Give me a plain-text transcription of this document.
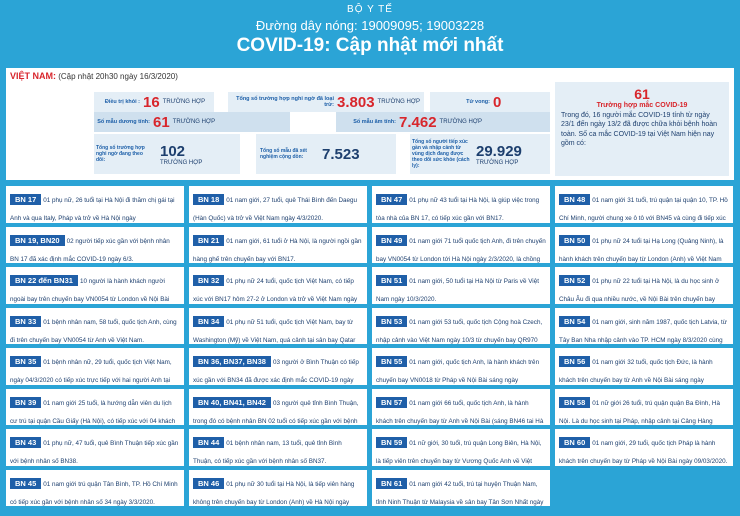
BỘ Y TẾ
Đường dây nóng: 19009095; 19003228
COVID-19: Cập nhật mới nhất
VIỆT NAM: (Cập nhật 20h30 ngày 16/3/2020)
Điều trị khỏi : 16 TRƯỜNG HỢP
Tổng số trường hợp nghi ngờ đã loại trừ: 3.803 TRƯỜNG HỢP	Tử vong: 0
Số mẫu dương tính: 61 TRƯỜNG HỢP	Số mẫu âm tính: 7.462 TRƯỜNG HỢP
Tổng số trường hợp nghi ngờ đang theo dõi:
102
TRƯỜNG HỢP
Tổng số mẫu đã xét nghiệm cộng dồn:	7.523
Tổng số người tiếp xúc gần và nhập cảnh từ vùng dịch đang được theo dõi sức khỏe (cách ly):
29.929
TRƯỜNG HỢP
61
Trường hợp mắc COVID-19
Trong đó, 16 người mắc COVID-19 tính từ ngày 23/1 đến ngày 13/2 đã được chữa khỏi bệnh hoàn toàn. Số ca mắc COVID-19 tại Việt Nam hiện nay gồm có:
BN 17 01 phụ nữ, 26 tuổi tại Hà Nội đi thăm chị gái tại Anh và qua Italy, Pháp và trở về Hà Nội ngày
BN 19, BN20 02 người tiếp xúc gần với bệnh nhân BN 17 đã xác định mắc COVID-19 ngày 6/3.
BN 22 đến BN31 10 người là hành khách người ngoài bay trên chuyến bay VN0054 từ London về Nội Bài
BN 33 01 bệnh nhân nam, 58 tuổi, quốc tịch Anh, cùng đi trên chuyến bay VN0054 từ Anh về Việt Nam.
BN 35 01 bệnh nhân nữ, 29 tuổi, quốc tịch Việt Nam, ngày 04/3/2020 có tiếp xúc trực tiếp với hai người Anh tại
BN 39 01 nam giới 25 tuổi, là hướng dẫn viên du lịch cư trú tại quận Cầu Giấy (Hà Nội), có tiếp xúc với 04 khách
BN 43 01 phụ nữ, 47 tuổi, quê Bình Thuận tiếp xúc gần với bệnh nhân số BN38.
BN 45 01 nam giới trú quận Tân Bình, TP. Hồ Chí Minh có tiếp xúc gần với bệnh nhân số 34 ngày 3/3/2020.
BN 18 01 nam giới, 27 tuổi, quê Thái Bình đến Daegu (Hàn Quốc) và trở về Việt Nam ngày 4/3/2020.
BN 21 01 nam giới, 61 tuổi ở Hà Nội, là người ngồi gần hàng ghế trên chuyến bay với BN17.
BN 32 01 phụ nữ 24 tuổi, quốc tịch Việt Nam, có tiếp xúc với BN17 hôm 27-2 ở London và trở về Việt Nam ngày
BN 34 01 phụ nữ 51 tuổi, quốc tịch Việt Nam, bay từ Washington (Mỹ) về Việt Nam, quá cảnh tại sân bay Qatar
BN 36, BN37, BN38 03 người ở Bình Thuận có tiếp xúc gần với BN34 đã được xác định mắc COVID-19 ngày
BN 40, BN41, BN42 03 người quê tỉnh Bình Thuận, trong đó có bệnh nhân BN 02 tuổi có tiếp xúc gần với bệnh
BN 44 01 bệnh nhân nam, 13 tuổi, quê tỉnh Bình Thuận, có tiếp xúc gần với bệnh nhân số BN37.
BN 46 01 phụ nữ 30 tuổi tại Hà Nội, là tiếp viên hàng không trên chuyến bay từ London (Anh) về Hà Nội ngày
BN 47 01 phụ nữ 43 tuổi tại Hà Nội, là giúp việc trong tòa nhà của BN 17, có tiếp xúc gần với BN17.
BN 49 01 nam giới 71 tuổi quốc tịch Anh, đi trên chuyến bay VN0054 từ London tới Hà Nội ngày 2/3/2020, là chồng
BN 51 01 nam giới, 50 tuổi tại Hà Nội từ Paris về Việt Nam ngày 10/3/2020.
BN 53 01 nam giới 53 tuổi, quốc tịch Cộng hoà Czech, nhập cảnh vào Việt Nam ngày 10/3 từ chuyến bay QR970
BN 55 01 nam giới, quốc tịch Anh, là hành khách trên chuyến bay VN0018 từ Pháp về Nội Bài sáng ngày
BN 57 01 nam giới 66 tuổi, quốc tịch Anh, là hành khách trên chuyến bay từ Anh về Nội Bài (sáng BN46 tai Hà
BN 59 01 nữ giới, 30 tuổi, trú quận Long Biên, Hà Nội, là tiếp viên trên chuyến bay từ Vương Quốc Anh về Việt
BN 61 01 nam giới 42 tuổi, trú tại huyện Thuận Nam, tỉnh Ninh Thuận từ Malaysia về sân bay Tân Sơn Nhất ngày
BN 48 01 nam giới 31 tuổi, trú quận tại quận 10, TP. Hồ Chí Minh, người chung xe ô tô với BN45 và cùng đi tiếp xúc
BN 50 01 phụ nữ 24 tuổi tại Hạ Long (Quảng Ninh), là hành khách trên chuyến bay từ London (Anh) về Việt Nam
BN 52 01 phụ nữ 22 tuổi tại Hà Nội, là du học sinh ở Châu Âu đi qua nhiều nước, về Nội Bài trên chuyến bay
BN 54 01 nam giới, sinh năm 1987, quốc tịch Latvia, từ Tây Ban Nha nhập cảnh vào TP. HCM ngày 8/3/2020 cùng
BN 56 01 nam giới 32 tuổi, quốc tịch Đức, là hành khách trên chuyến bay từ Anh về Nội Bài sáng ngày
BN 58 01 nữ giới 26 tuổi, trú quận quận Ba Đình, Hà Nội. Là du học sinh tại Pháp, nhập cảnh tại Cảng Hàng
BN 60 01 nam giới, 29 tuổi, quốc tịch Pháp là hành khách trên chuyến bay từ Pháp về Nội Bài ngày 09/03/2020.
